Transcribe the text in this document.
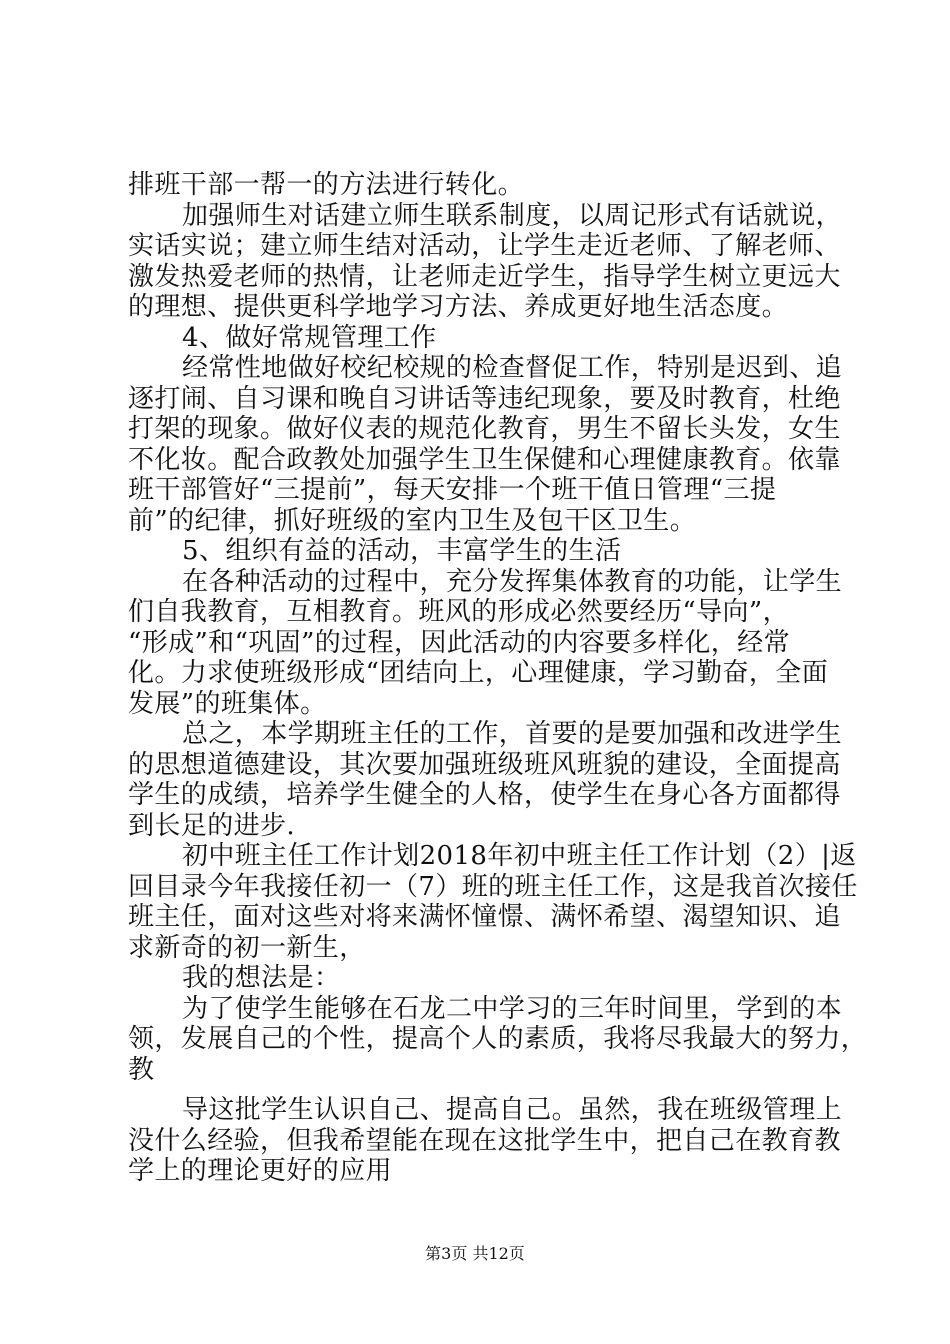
排班干部一帮一的方法进行转化。
加强师生对话建立师生联系制度，以周记形式有话就说，
实话实说；建立师生结对活动，让学生走近老师、了解老师、
激发热爱老师的热情，让老师走近学生，指导学生树立更远大
的理想、提供更科学地学习方法、养成更好地生活态度。
4、做好常规管理工作
经常性地做好校纪校规的检查督促工作，特别是迟到、追
逐打闹、自习课和晚自习讲话等违纪现象，要及时教育，杜绝
打架的现象。做好仪表的规范化教育，男生不留长头发，女生
不化妆。配合政教处加强学生卫生保健和心理健康教育。依靠
班干部管好“三提前”，每天安排一个班干值日管理“三提
前”的纪律，抓好班级的室内卫生及包干区卫生。
5、组织有益的活动，丰富学生的生活
在各种活动的过程中，充分发挥集体教育的功能，让学生
们自我教育，互相教育。班风的形成必然要经历“导向”，
“形成”和“巩固”的过程，因此活动的内容要多样化，经常
化。力求使班级形成“团结向上，心理健康，学习勤奋，全面
发展”的班集体。
总之，本学期班主任的工作，首要的是要加强和改进学生
的思想道德建设，其次要加强班级班风班貌的建设，全面提高
学生的成绩，培养学生健全的人格，使学生在身心各方面都得
到长足的进步.
初中班主任工作计划2018年初中班主任工作计划（2）|返
回目录今年我接任初一（7）班的班主任工作，这是我首次接任
班主任，面对这些对将来满怀憧憬、满怀希望、渴望知识、追
求新奇的初一新生，
我的想法是：
为了使学生能够在石龙二中学习的三年时间里，学到的本
领，发展自己的个性，提高个人的素质，我将尽我最大的努力，
教
导这批学生认识自己、提高自己。虽然，我在班级管理上
没什么经验，但我希望能在现在这批学生中，把自己在教育教
学上的理论更好的应用
第3页 共12页
